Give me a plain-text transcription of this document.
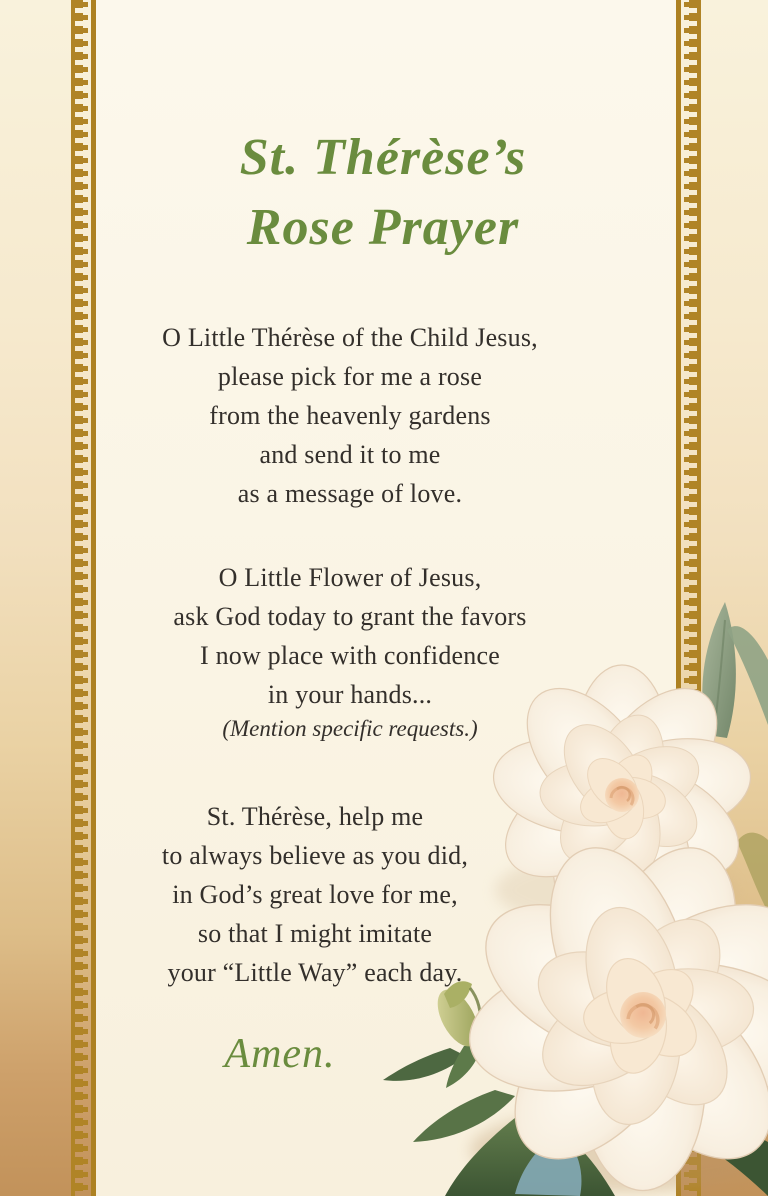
St. Thérèse’s
Rose Prayer

O Little Thérèse of the Child Jesus,
please pick for me a rose
from the heavenly gardens
and send it to me
as a message of love.

O Little Flower of Jesus,
ask God today to grant the favors
I now place with confidence
in your hands...

(Mention specific requests.)

St. Thérèse, help me
to always believe as you did,
in God’s great love for me,
so that I might imitate
your “Little Way” each day.

Amen.
